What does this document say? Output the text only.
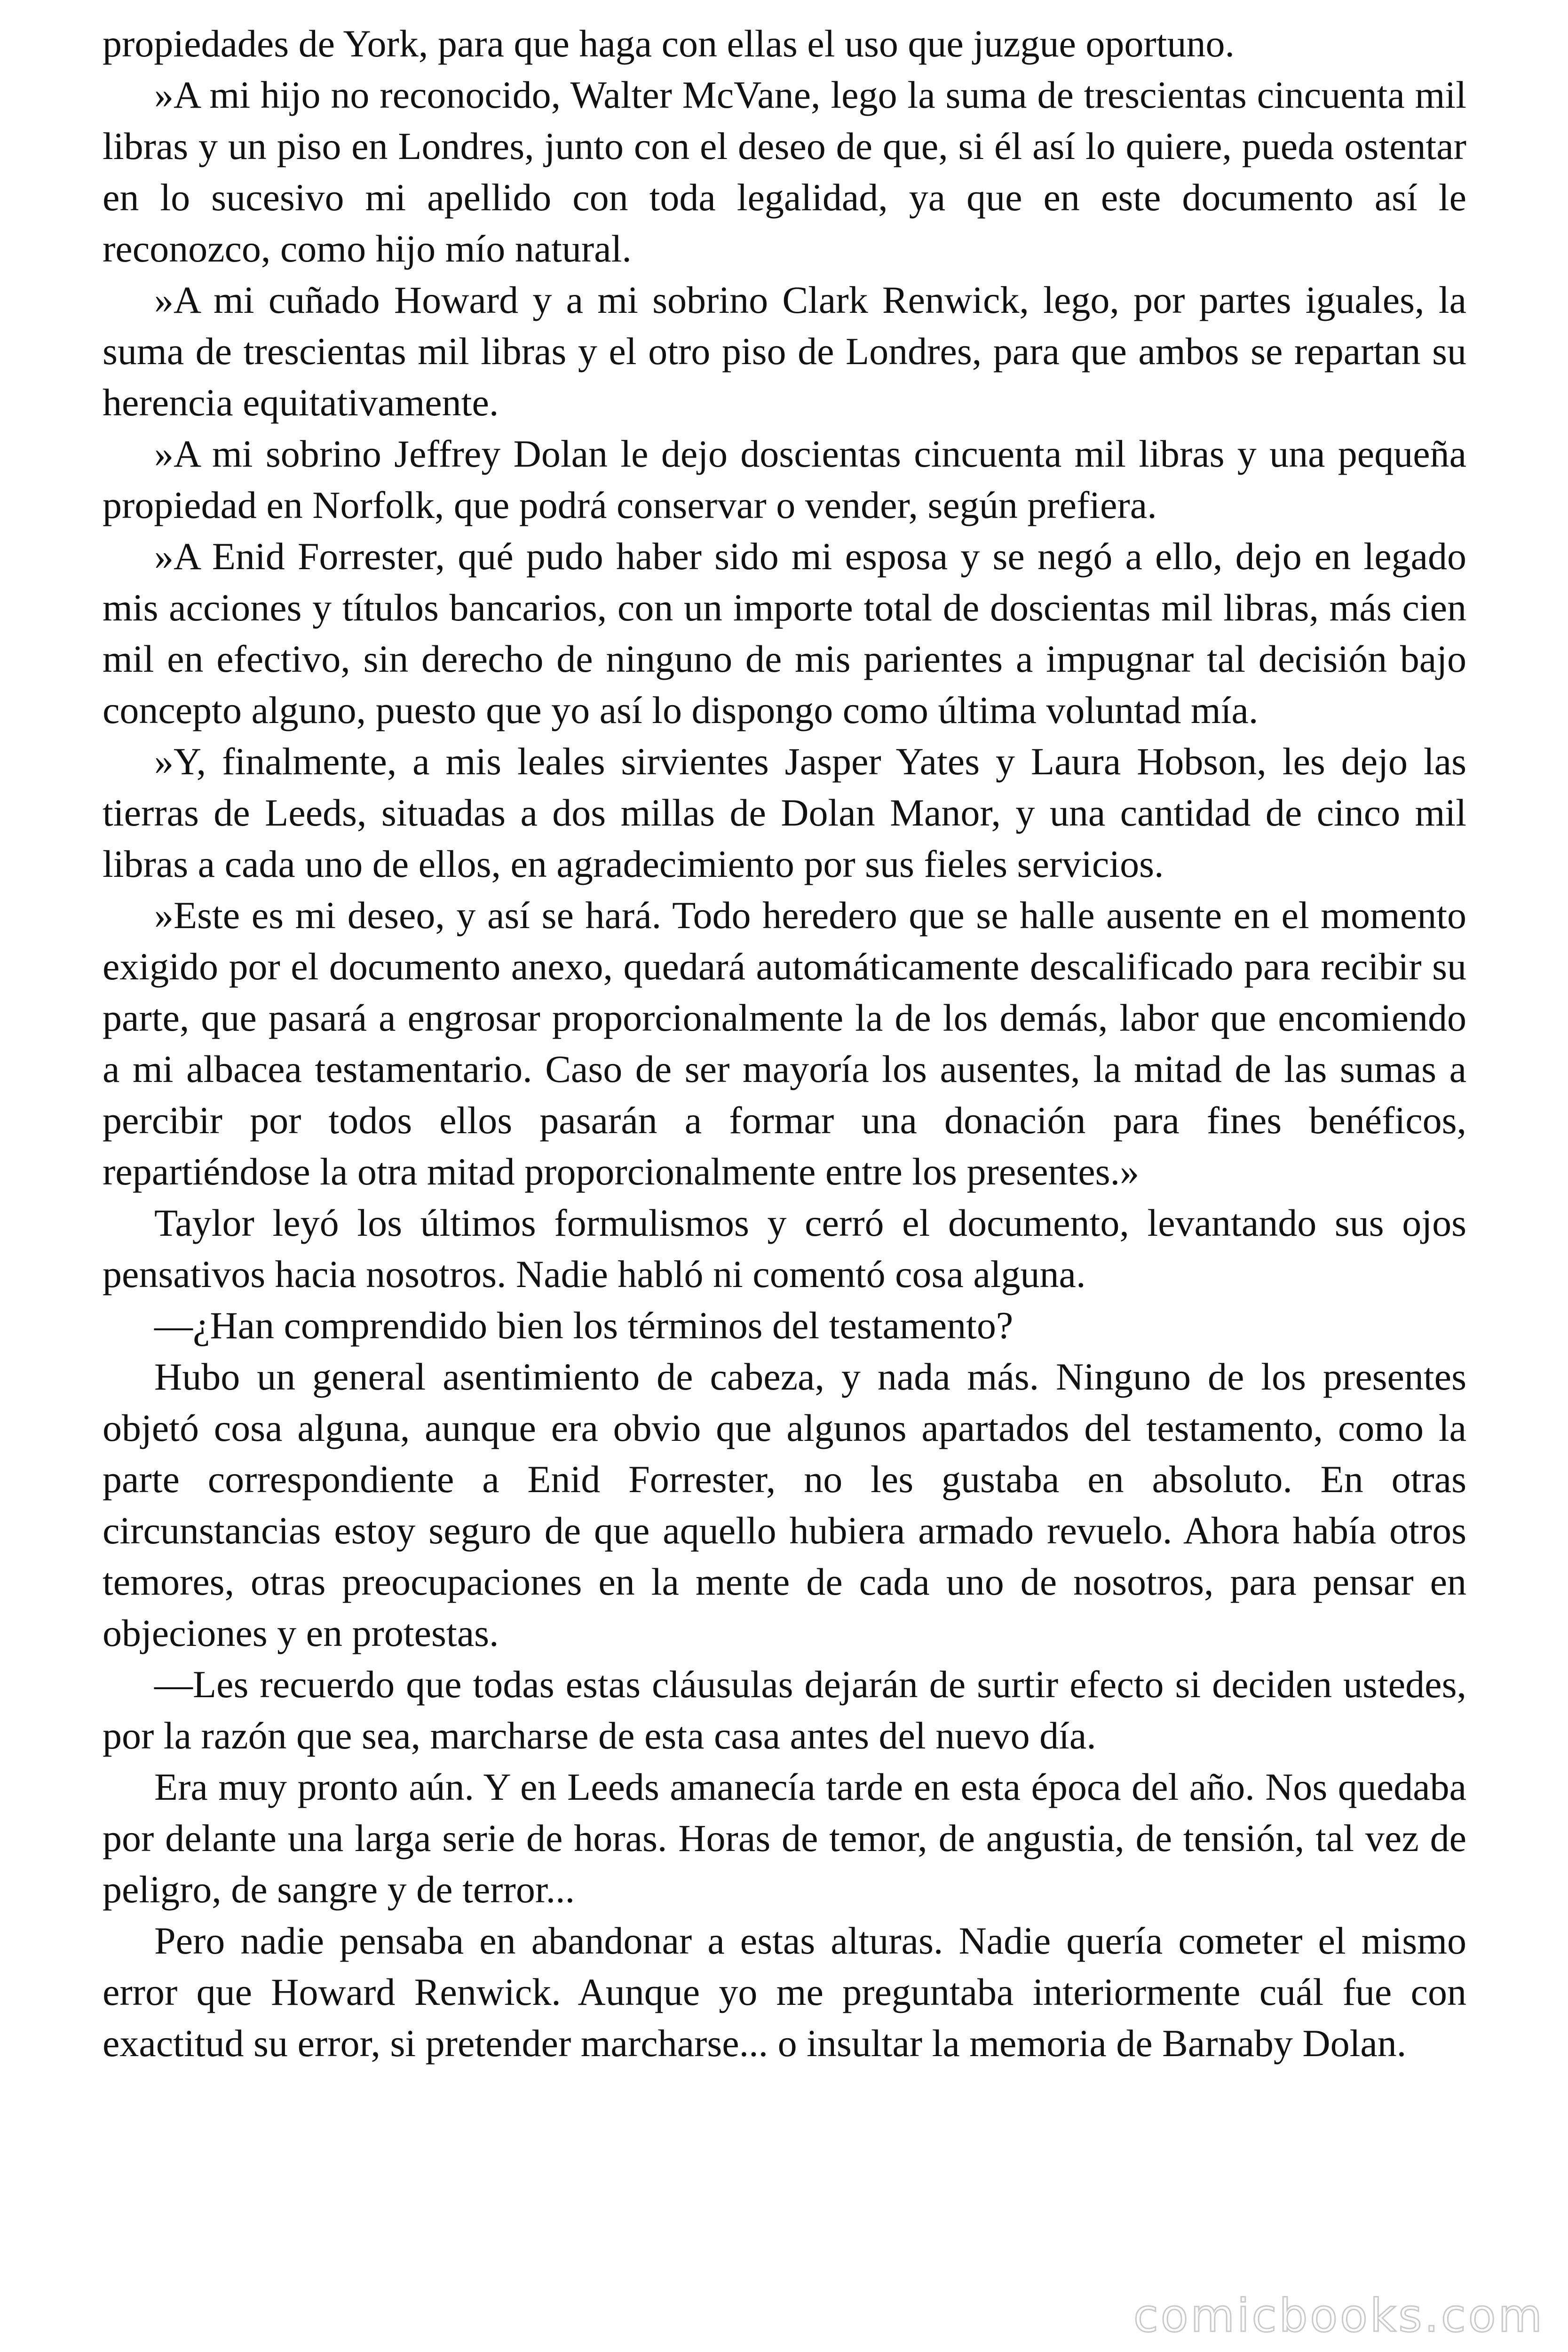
propiedades de York, para que haga con ellas el uso que juzgue oportuno.

»A mi hijo no reconocido, Walter McVane, lego la suma de trescientas cincuenta mil libras y un piso en Londres, junto con el deseo de que, si él así lo quiere, pueda ostentar en lo sucesivo mi apellido con toda legalidad, ya que en este documento así le reconozco, como hijo mío natural.

»A mi cuñado Howard y a mi sobrino Clark Renwick, lego, por partes iguales, la suma de trescientas mil libras y el otro piso de Londres, para que ambos se repartan su herencia equitativamente.

»A mi sobrino Jeffrey Dolan le dejo doscientas cincuenta mil libras y una pequeña propiedad en Norfolk, que podrá conservar o vender, según prefiera.

»A Enid Forrester, qué pudo haber sido mi esposa y se negó a ello, dejo en legado mis acciones y títulos bancarios, con un importe total de doscientas mil libras, más cien mil en efectivo, sin derecho de ninguno de mis parientes a impugnar tal decisión bajo concepto alguno, puesto que yo así lo dispongo como última voluntad mía.

»Y, finalmente, a mis leales sirvientes Jasper Yates y Laura Hobson, les dejo las tierras de Leeds, situadas a dos millas de Dolan Manor, y una cantidad de cinco mil libras a cada uno de ellos, en agradecimiento por sus fieles servicios.

»Este es mi deseo, y así se hará. Todo heredero que se halle ausente en el momento exigido por el documento anexo, quedará automáticamente descalificado para recibir su parte, que pasará a engrosar proporcionalmente la de los demás, labor que encomiendo a mi albacea testamentario. Caso de ser mayoría los ausentes, la mitad de las sumas a percibir por todos ellos pasarán a formar una donación para fines benéficos, repartiéndose la otra mitad proporcionalmente entre los presentes.»

Taylor leyó los últimos formulismos y cerró el documento, levantando sus ojos pensativos hacia nosotros. Nadie habló ni comentó cosa alguna.

—¿Han comprendido bien los términos del testamento?

Hubo un general asentimiento de cabeza, y nada más. Ninguno de los presentes objetó cosa alguna, aunque era obvio que algunos apartados del testamento, como la parte correspondiente a Enid Forrester, no les gustaba en absoluto. En otras circunstancias estoy seguro de que aquello hubiera armado revuelo. Ahora había otros temores, otras preocupaciones en la mente de cada uno de nosotros, para pensar en objeciones y en protestas.

—Les recuerdo que todas estas cláusulas dejarán de surtir efecto si deciden ustedes, por la razón que sea, marcharse de esta casa antes del nuevo día.

Era muy pronto aún. Y en Leeds amanecía tarde en esta época del año. Nos quedaba por delante una larga serie de horas. Horas de temor, de angustia, de tensión, tal vez de peligro, de sangre y de terror...

Pero nadie pensaba en abandonar a estas alturas. Nadie quería cometer el mismo error que Howard Renwick. Aunque yo me preguntaba interiormente cuál fue con exactitud su error, si pretender marcharse... o insultar la memoria de Barnaby Dolan.

comicbooks.com
